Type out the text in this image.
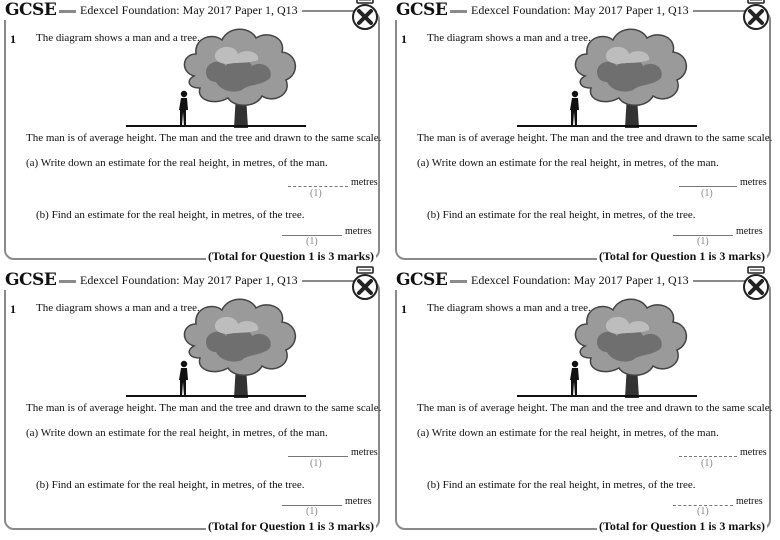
GCSE	Edexcel Foundation: May 2017 Paper 1, Q13
1 The diagram shows a man and a tree.
The man is of average height. The man and the tree and drawn to the same scale.
(a) Write down an estimate for the real height, in metres, of the man.
metres
(1)
(b) Find an estimate for the real height, in metres, of the tree.
metres
(1)
(Total for Question 1 is 3 marks)
GCSE	Edexcel Foundation: May 2017 Paper 1, Q13
1 The diagram shows a man and a tree.
The man is of average height. The man and the tree and drawn to the same scale.
(a) Write down an estimate for the real height, in metres, of the man.
metres
(1)
(b) Find an estimate for the real height, in metres, of the tree.
metres
(1)
(Total for Question 1 is 3 marks)
GCSE	Edexcel Foundation: May 2017 Paper 1, Q13
1 The diagram shows a man and a tree.
The man is of average height. The man and the tree and drawn to the same scale.
(a) Write down an estimate for the real height, in metres, of the man.
metres
(1)
(b) Find an estimate for the real height, in metres, of the tree.
metres
(1)
(Total for Question 1 is 3 marks)
GCSE	Edexcel Foundation: May 2017 Paper 1, Q13
1 The diagram shows a man and a tree.
The man is of average height. The man and the tree and drawn to the same scale.
(a) Write down an estimate for the real height, in metres, of the man.
metres
(1)
(b) Find an estimate for the real height, in metres, of the tree.
metres
(1)
(Total for Question 1 is 3 marks)
